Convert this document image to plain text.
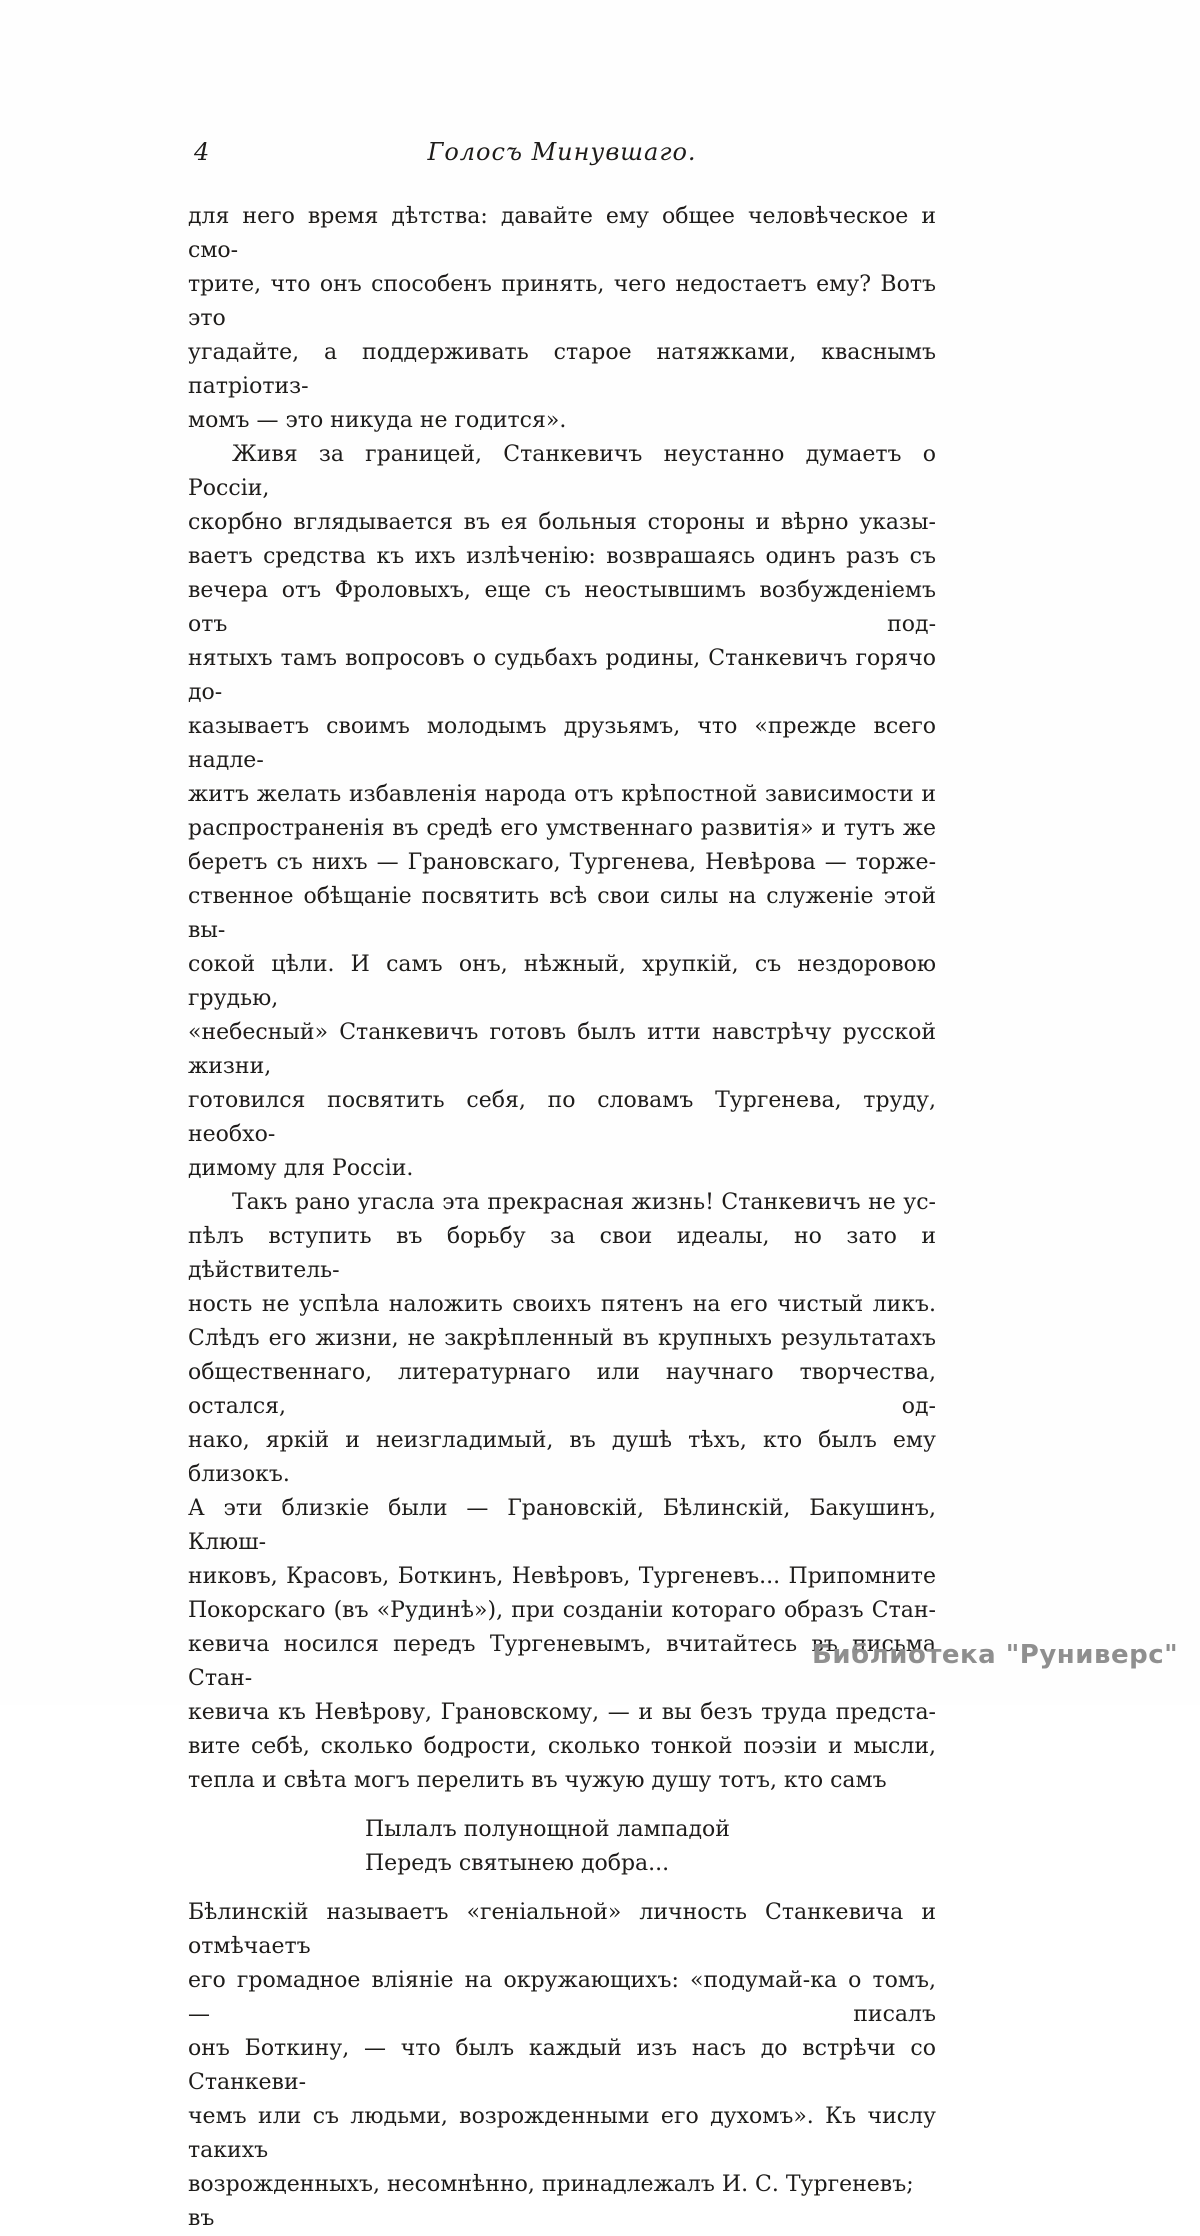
4	Голосъ Минувшаго.
для него время дѣтства: давайте ему общее человѣческое и смо-
трите, что онъ способенъ принять, чего недостаетъ ему? Вотъ это
угадайте, а поддерживать старое натяжками, кваснымъ патріотиз-
момъ — это никуда не годится».
Живя за границей, Станкевичъ неустанно думаетъ о Россіи,
скорбно вглядывается въ ея больныя стороны и вѣрно указы-
ваетъ средства къ ихъ излѣченію: возврашаясь одинъ разъ съ
вечера отъ Фроловыхъ, еще съ неостывшимъ возбужденіемъ отъ под-
нятыхъ тамъ вопросовъ о судьбахъ родины, Станкевичъ горячо до-
казываетъ своимъ молодымъ друзьямъ, что «прежде всего надле-
житъ желать избавленія народа отъ крѣпостной зависимости и
распространенія въ средѣ его умственнаго развитія» и тутъ же
беретъ съ нихъ — Грановскаго, Тургенева, Невѣрова — торже-
ственное обѣщаніе посвятить всѣ свои силы на служеніе этой вы-
сокой цѣли. И самъ онъ, нѣжный, хрупкій, съ нездоровою грудью,
«небесный» Станкевичъ готовъ былъ итти навстрѣчу русской жизни,
готовился посвятить себя, по словамъ Тургенева, труду, необхо-
димому для Россіи.
Такъ рано угасла эта прекрасная жизнь! Станкевичъ не ус-
пѣлъ вступить въ борьбу за свои идеалы, но зато и дѣйствитель-
ность не успѣла наложить своихъ пятенъ на его чистый ликъ.
Слѣдъ его жизни, не закрѣпленный въ крупныхъ результатахъ
общественнаго, литературнаго или научнаго творчества, остался, од-
нако, яркій и неизгладимый, въ душѣ тѣхъ, кто былъ ему близокъ.
А эти близкіе были — Грановскій, Бѣлинскій, Бакушинъ, Клюш-
никовъ, Красовъ, Боткинъ, Невѣровъ, Тургеневъ... Припомните
Покорскаго (въ «Рудинѣ»), при созданіи котораго образъ Стан-
кевича носился передъ Тургеневымъ, вчитайтесь въ письма Стан-
кевича къ Невѣрову, Грановскому, — и вы безъ труда предста-
вите себѣ, сколько бодрости, сколько тонкой поэзіи и мысли,
тепла и свѣта могъ перелить въ чужую душу тотъ, кто самъ
Пылалъ полунощной лампадой
Передъ святынею добра...
Бѣлинскій называетъ «геніальной» личность Станкевича и отмѣчаетъ
его громадное вліяніе на окружающихъ: «подумай-ка о томъ, — писалъ
онъ Боткину, — что былъ каждый изъ насъ до встрѣчи со Станкеви-
чемъ или съ людьми, возрожденными его духомъ». Къ числу такихъ
возрожденныхъ, несомнѣнно, принадлежалъ И. С. Тургеневъ; въ
Библиотека "Руниверс"
